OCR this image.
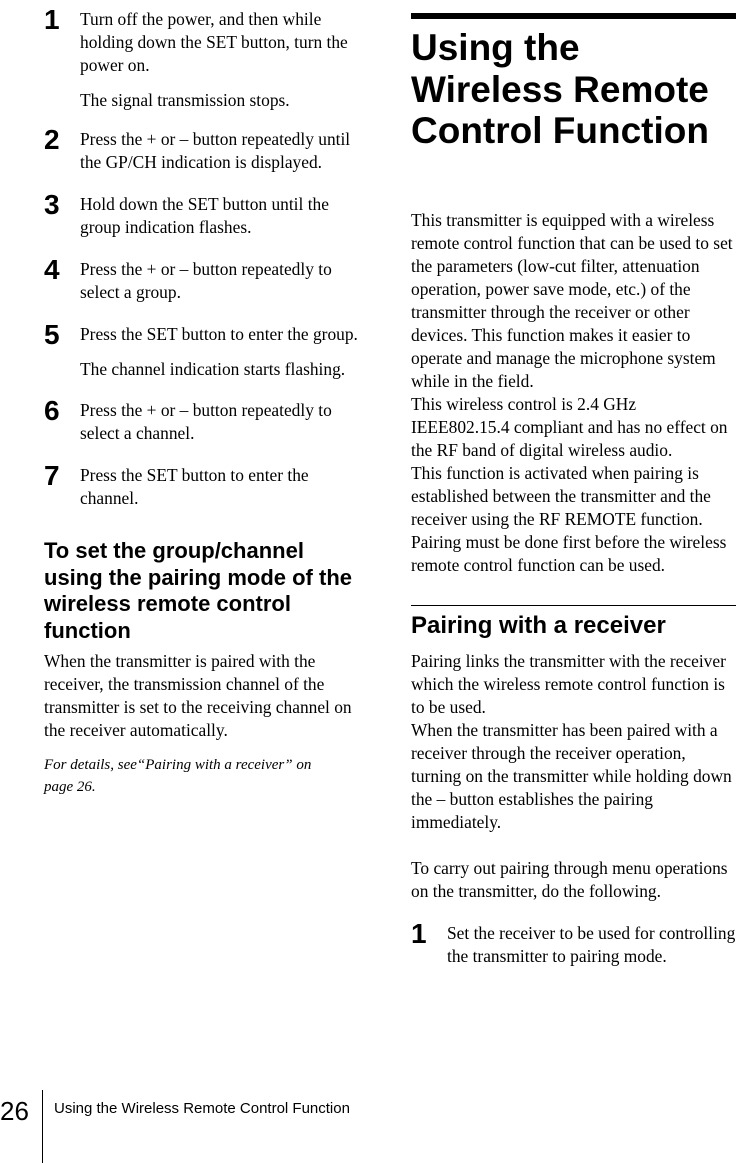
1 Turn off the power, and then while holding down the SET button, turn the power on.
The signal transmission stops.
2 Press the + or – button repeatedly until the GP/CH indication is displayed.
3 Hold down the SET button until the group indication flashes.
4 Press the + or – button repeatedly to select a group.
5 Press the SET button to enter the group.
The channel indication starts flashing.
6 Press the + or – button repeatedly to select a channel.
7 Press the SET button to enter the channel.
To set the group/channel using the pairing mode of the wireless remote control function

When the transmitter is paired with the receiver, the transmission channel of the transmitter is set to the receiving channel on the receiver automatically.

For details, see“Pairing with a receiver” on page 26.

Using the Wireless Remote Control Function

This transmitter is equipped with a wireless remote control function that can be used to set the parameters (low-cut filter, attenuation operation, power save mode, etc.) of the transmitter through the receiver or other devices. This function makes it easier to operate and manage the microphone system while in the field.

This wireless control is 2.4 GHz IEEE802.15.4 compliant and has no effect on the RF band of digital wireless audio.

This function is activated when pairing is established between the transmitter and the receiver using the RF REMOTE function. Pairing must be done first before the wireless remote control function can be used.

Pairing with a receiver

Pairing links the transmitter with the receiver which the wireless remote control function is to be used.

When the transmitter has been paired with a receiver through the receiver operation, turning on the transmitter while holding down the – button establishes the pairing immediately.

To carry out pairing through menu operations on the transmitter, do the following.

1 Set the receiver to be used for controlling the transmitter to pairing mode.
26 Using the Wireless Remote Control Function
